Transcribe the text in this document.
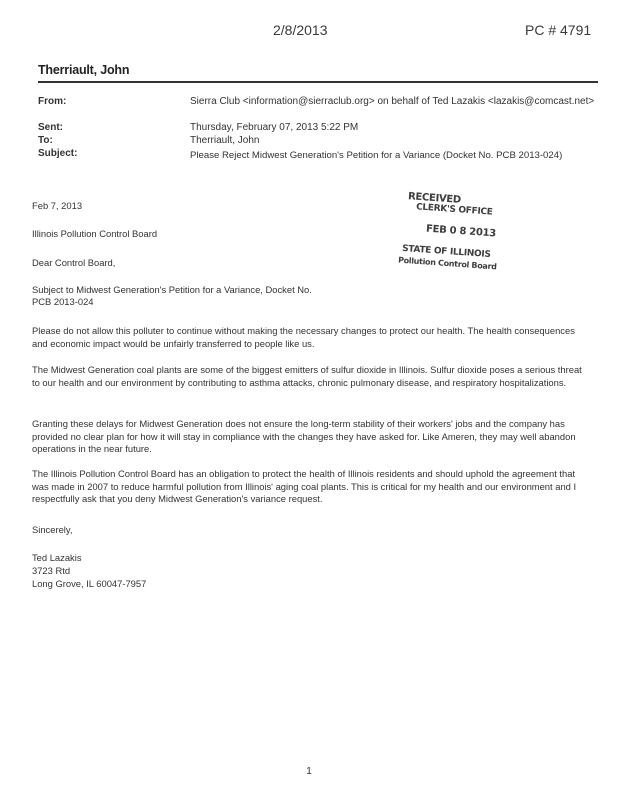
2/8/2013	PC # 4791
Therriault, John
From:	Sierra Club <information@sierraclub.org> on behalf of Ted Lazakis <lazakis@comcast.net>
Sent:	Thursday, February 07, 2013 5:22 PM
To:	Therriault, John
Subject:	Please Reject Midwest Generation's Petition for a Variance (Docket No. PCB 2013-024)
RECEIVED
CLERK'S OFFICE
FEB 0 8 2013
STATE OF ILLINOIS
Pollution Control Board
Feb 7, 2013
Illinois Pollution Control Board
Dear Control Board,
Subject to Midwest Generation's Petition for a Variance, Docket No.
PCB 2013-024
Please do not allow this polluter to continue without making the necessary changes to protect our health. The health consequences and economic impact would be unfairly transferred to people like us.
The Midwest Generation coal plants are some of the biggest emitters of sulfur dioxide in Illinois. Sulfur dioxide poses a serious threat to our health and our environment by contributing to asthma attacks, chronic pulmonary disease, and respiratory hospitalizations.
Granting these delays for Midwest Generation does not ensure the long-term stability of their workers' jobs and the company has provided no clear plan for how it will stay in compliance with the changes they have asked for. Like Ameren, they may well abandon operations in the near future.
The Illinois Pollution Control Board has an obligation to protect the health of Illinois residents and should uphold the agreement that was made in 2007 to reduce harmful pollution from Illinois' aging coal plants. This is critical for my health and our environment and I respectfully ask that you deny Midwest Generation's variance request.
Sincerely,
Ted Lazakis
3723 Rtd
Long Grove, IL 60047-7957
1
